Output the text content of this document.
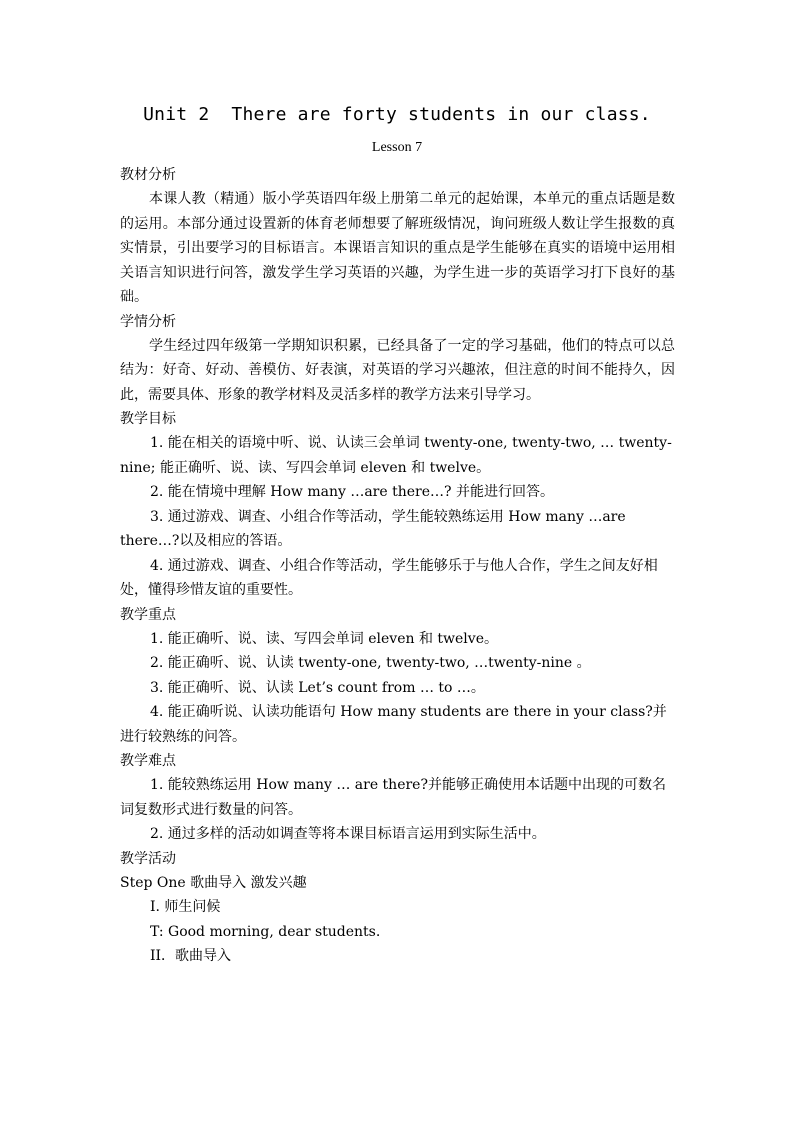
Unit 2  There are forty students in our class.
Lesson 7

教材分析

本课人教（精通）版小学英语四年级上册第二单元的起始课，本单元的重点话题是数的运用。本部分通过设置新的体育老师想要了解班级情况，询问班级人数让学生报数的真实情景，引出要学习的目标语言。本课语言知识的重点是学生能够在真实的语境中运用相关语言知识进行问答，激发学生学习英语的兴趣，为学生进一步的英语学习打下良好的基础。

学情分析

学生经过四年级第一学期知识积累，已经具备了一定的学习基础，他们的特点可以总结为：好奇、好动、善模仿、好表演，对英语的学习兴趣浓，但注意的时间不能持久，因此，需要具体、形象的教学材料及灵活多样的教学方法来引导学习。

教学目标

1. 能在相关的语境中听、说、认读三会单词 twenty-one, twenty-two, … twenty-nine; 能正确听、说、读、写四会单词 eleven 和 twelve。

2. 能在情境中理解 How many …are there…? 并能进行回答。

3. 通过游戏、调查、小组合作等活动，学生能较熟练运用 How many …are there…?以及相应的答语。

4. 通过游戏、调查、小组合作等活动，学生能够乐于与他人合作，学生之间友好相处，懂得珍惜友谊的重要性。

教学重点

1. 能正确听、说、读、写四会单词 eleven 和 twelve。

2. 能正确听、说、认读 twenty-one, twenty-two, …twenty-nine 。

3. 能正确听、说、认读 Let’s count from … to …。

4. 能正确听说、认读功能语句 How many students are there in your class?并进行较熟练的问答。

教学难点

1. 能较熟练运用 How many … are there?并能够正确使用本话题中出现的可数名词复数形式进行数量的问答。

2. 通过多样的活动如调查等将本课目标语言运用到实际生活中。

教学活动

Step One 歌曲导入 激发兴趣

I. 师生问候

T: Good morning, dear students.

II．歌曲导入
